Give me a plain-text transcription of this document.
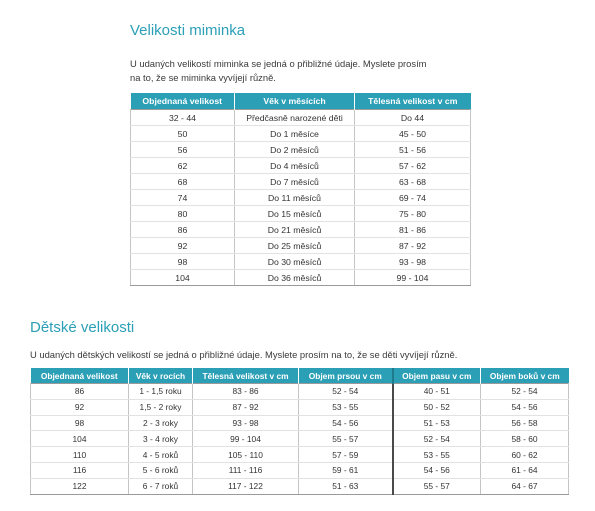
Velikosti miminka

U udaných velikostí miminka se jedná o přibližné údaje. Myslete prosím
na to, že se miminka vyvíjejí různě.

Objednaná velikost	Věk v měsících	Tělesná velikost v cm
32 - 44	Předčasně narozené děti	Do 44
50	Do 1 měsíce	45 - 50
56	Do 2 měsíců	51 - 56
62	Do 4 měsíců	57 - 62
68	Do 7 měsíců	63 - 68
74	Do 11 měsíců	69 - 74
80	Do 15 měsíců	75 - 80
86	Do 21 měsíců	81 - 86
92	Do 25 měsíců	87 - 92
98	Do 30 měsíců	93 - 98
104	Do 36 měsíců	99 - 104
Dětské velikosti

U udaných dětských velikostí se jedná o přibližné údaje. Myslete prosím na to, že se děti vyvíjejí různě.

Objednaná velikost	Věk v rocích	Tělesná velikost v cm	Objem prsou v cm	Objem pasu v cm	Objem boků v cm
86	1 - 1,5 roku	83 - 86	52 - 54	40 - 51	52 - 54
92	1,5 - 2 roky	87 - 92	53 - 55	50 - 52	54 - 56
98	2 - 3 roky	93 - 98	54 - 56	51 - 53	56 - 58
104	3 - 4 roky	99 - 104	55 - 57	52 - 54	58 - 60
110	4 - 5 roků	105 - 110	57 - 59	53 - 55	60 - 62
116	5 - 6 roků	111 - 116	59 - 61	54 - 56	61 - 64
122	6 - 7 roků	117 - 122	51 - 63	55 - 57	64 - 67
